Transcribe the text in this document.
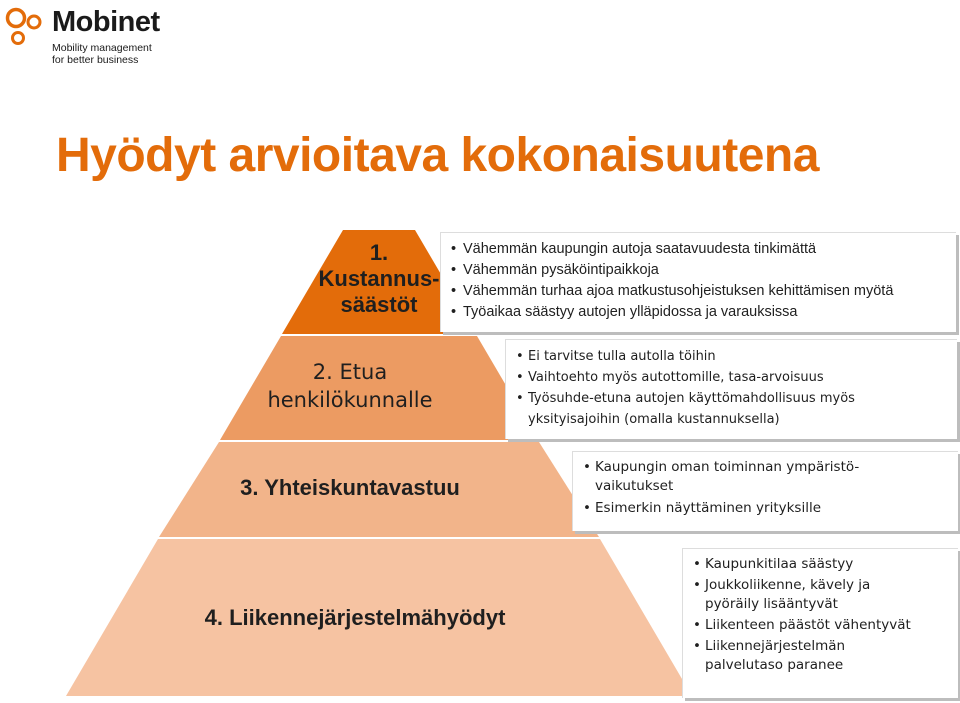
Mobinet
Mobility management
for better business
Hyödyt arvioitava kokonaisuutena
1.
Kustannus-
säästöt
2. Etua
henkilökunnalle
3. Yhteiskuntavastuu
4. Liikennejärjestelmähyödyt
• Vähemmän kaupungin autoja saatavuudesta tinkimättä
• Vähemmän pysäköintipaikkoja
• Vähemmän turhaa ajoa matkustusohjeistuksen kehittämisen myötä
• Työaikaa säästyy autojen ylläpidossa ja varauksissa
• Ei tarvitse tulla autolla töihin
• Vaihtoehto myös autottomille, tasa-arvoisuus
• Työsuhde-etuna autojen käyttömahdollisuus myös yksityisajoihin (omalla kustannuksella)
• Kaupungin oman toiminnan ympäristö-vaikutukset
• Esimerkin näyttäminen yrityksille
• Kaupunkitilaa säästyy
• Joukkoliikenne, kävely ja pyöräily lisääntyvät
• Liikenteen päästöt vähentyvät
• Liikennejärjestelmän palvelutaso paranee
